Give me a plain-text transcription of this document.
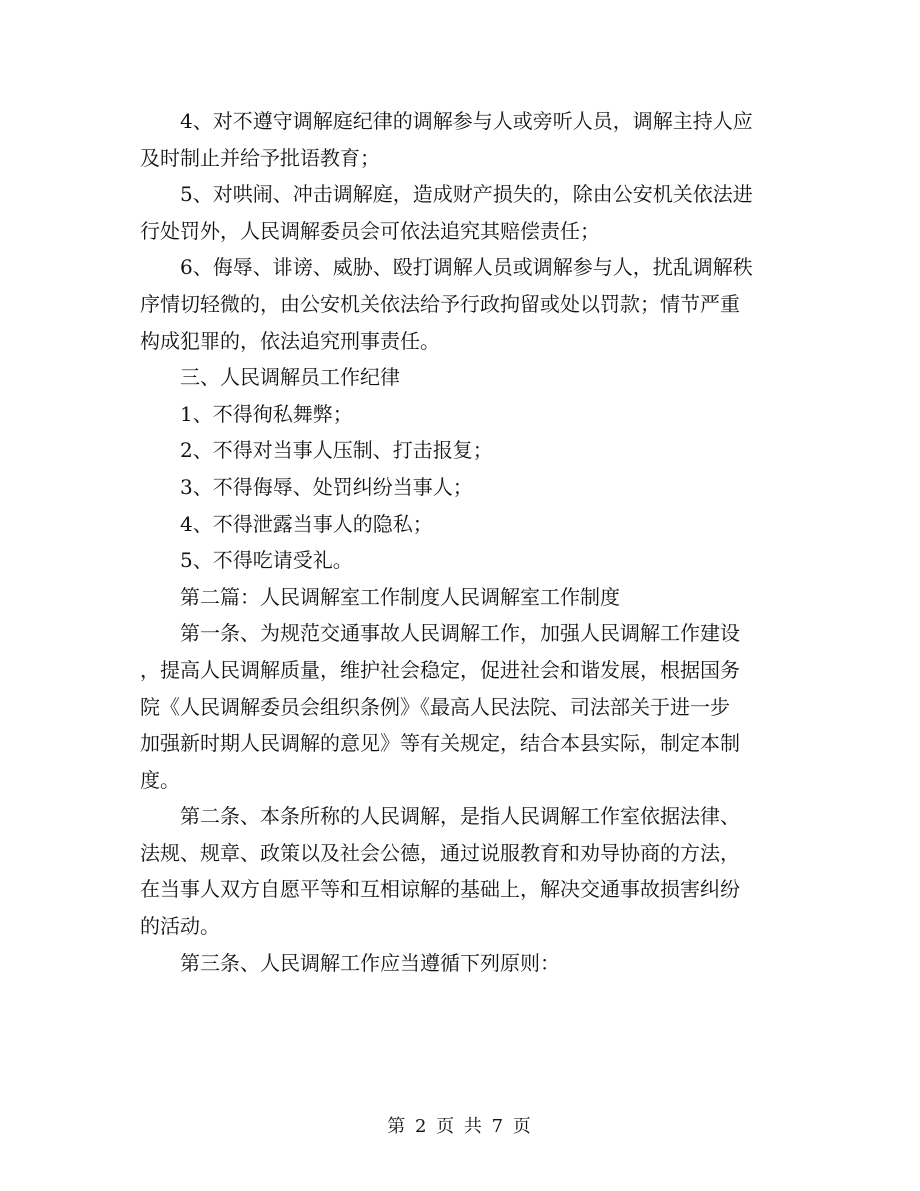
4、对不遵守调解庭纪律的调解参与人或旁听人员，调解主持人应
及时制止并给予批语教育；
5、对哄闹、冲击调解庭，造成财产损失的，除由公安机关依法进
行处罚外，人民调解委员会可依法追究其赔偿责任；
6、侮辱、诽谤、威胁、殴打调解人员或调解参与人，扰乱调解秩
序情切轻微的，由公安机关依法给予行政拘留或处以罚款；情节严重
构成犯罪的，依法追究刑事责任。
三、人民调解员工作纪律
1、不得徇私舞弊；
2、不得对当事人压制、打击报复；
3、不得侮辱、处罚纠纷当事人；
4、不得泄露当事人的隐私；
5、不得吃请受礼。
第二篇：人民调解室工作制度人民调解室工作制度
第一条、为规范交通事故人民调解工作，加强人民调解工作建设
，提高人民调解质量，维护社会稳定，促进社会和谐发展，根据国务
院《人民调解委员会组织条例》《最高人民法院、司法部关于进一步
加强新时期人民调解的意见》等有关规定，结合本县实际，制定本制
度。
第二条、本条所称的人民调解，是指人民调解工作室依据法律、
法规、规章、政策以及社会公德，通过说服教育和劝导协商的方法，
在当事人双方自愿平等和互相谅解的基础上，解决交通事故损害纠纷
的活动。
第三条、人民调解工作应当遵循下列原则：
第 2 页 共 7 页
